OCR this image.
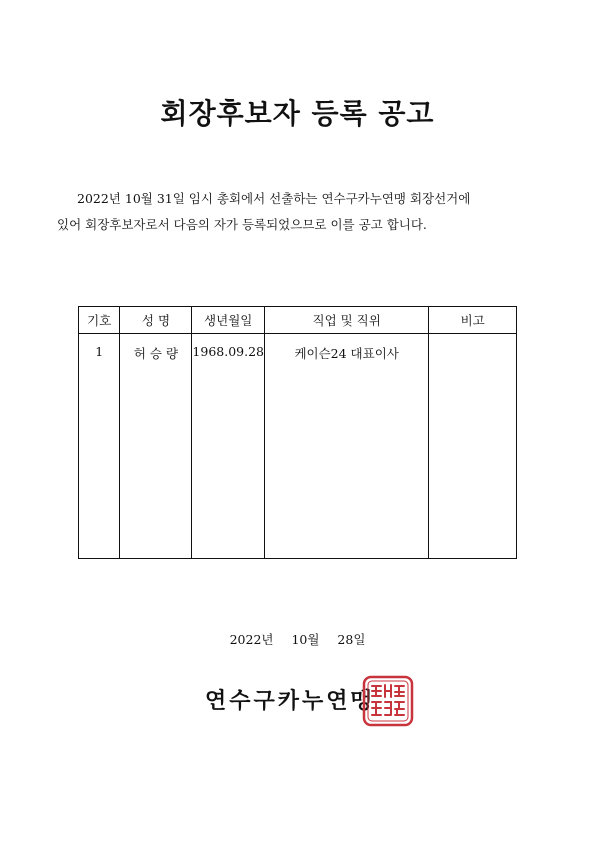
회장후보자 등록 공고

2022년 10월 31일 임시 총회에서 선출하는 연수구카누연맹 회장선거에
있어 회장후보자로서 다음의 자가 등록되었으므로 이를 공고 합니다.

기호	성 명	생년월일	직업 및 직위	비고
1	허 승 량	1968.09.28	케이슨24 대표이사	

2022년 10월 28일

연수구카누연맹
